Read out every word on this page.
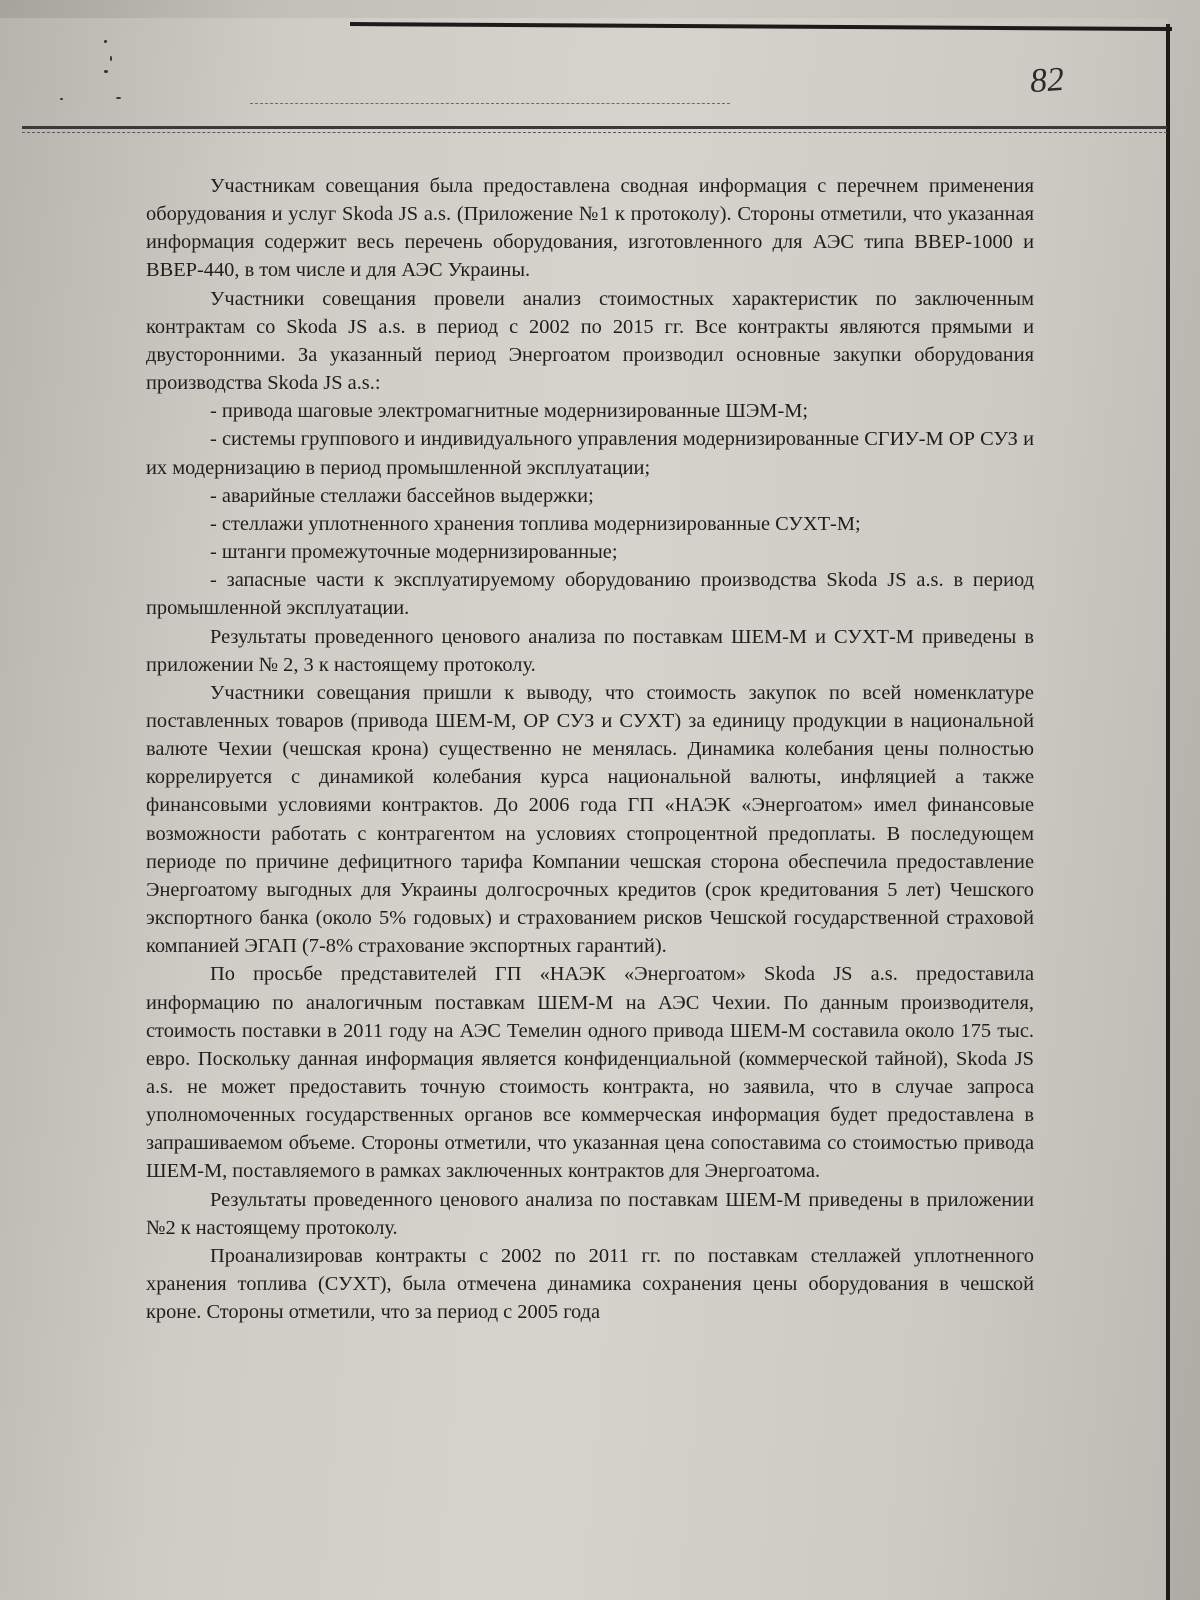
82

Участникам совещания была предоставлена сводная информация с перечнем применения оборудования и услуг Skoda JS a.s. (Приложение №1 к протоколу). Стороны отметили, что указанная информация содержит весь перечень оборудования, изготовленного для АЭС типа ВВЕР-1000 и ВВЕР-440, в том числе и для АЭС Украины.

Участники совещания провели анализ стоимостных характеристик по заключенным контрактам со Skoda JS a.s. в период с 2002 по 2015 гг. Все контракты являются прямыми и двусторонними. За указанный период Энергоатом производил основные закупки оборудования производства Skoda JS a.s.:

- привода шаговые электромагнитные модернизированные ШЭМ-М;

- системы группового и индивидуального управления модернизированные СГИУ-М ОР СУЗ и их модернизацию в период промышленной эксплуатации;

- аварийные стеллажи бассейнов выдержки;

- стеллажи уплотненного хранения топлива модернизированные СУХТ-М;

- штанги промежуточные модернизированные;

- запасные части к эксплуатируемому оборудованию производства Skoda JS a.s. в период промышленной эксплуатации.

Результаты проведенного ценового анализа по поставкам ШЕМ-М и СУХТ-М приведены в приложении № 2, 3 к настоящему протоколу.

Участники совещания пришли к выводу, что стоимость закупок по всей номенклатуре поставленных товаров (привода ШЕМ-М, ОР СУЗ и СУХТ) за единицу продукции в национальной валюте Чехии (чешская крона) существенно не менялась. Динамика колебания цены полностью коррелируется с динамикой колебания курса национальной валюты, инфляцией а также финансовыми условиями контрактов. До 2006 года ГП «НАЭК «Энергоатом» имел финансовые возможности работать с контрагентом на условиях стопроцентной предоплаты. В последующем периоде по причине дефицитного тарифа Компании чешская сторона обеспечила предоставление Энергоатому выгодных для Украины долгосрочных кредитов (срок кредитования 5 лет) Чешского экспортного банка (около 5% годовых) и страхованием рисков Чешской государственной страховой компанией ЭГАП (7-8% страхование экспортных гарантий).

По просьбе представителей ГП «НАЭК «Энергоатом» Skoda JS a.s. предоставила информацию по аналогичным поставкам ШЕМ-М на АЭС Чехии. По данным производителя, стоимость поставки в 2011 году на АЭС Темелин одного привода ШЕМ-М составила около 175 тыс. евро. Поскольку данная информация является конфиденциальной (коммерческой тайной), Skoda JS a.s. не может предоставить точную стоимость контракта, но заявила, что в случае запроса уполномоченных государственных органов все коммерческая информация будет предоставлена в запрашиваемом объеме. Стороны отметили, что указанная цена сопоставима со стоимостью привода ШЕМ-М, поставляемого в рамках заключенных контрактов для Энергоатома.

Результаты проведенного ценового анализа по поставкам ШЕМ-М приведены в приложении №2 к настоящему протоколу.

Проанализировав контракты с 2002 по 2011 гг. по поставкам стеллажей уплотненного хранения топлива (СУХТ), была отмечена динамика сохранения цены оборудования в чешской кроне. Стороны отметили, что за период с 2005 года
